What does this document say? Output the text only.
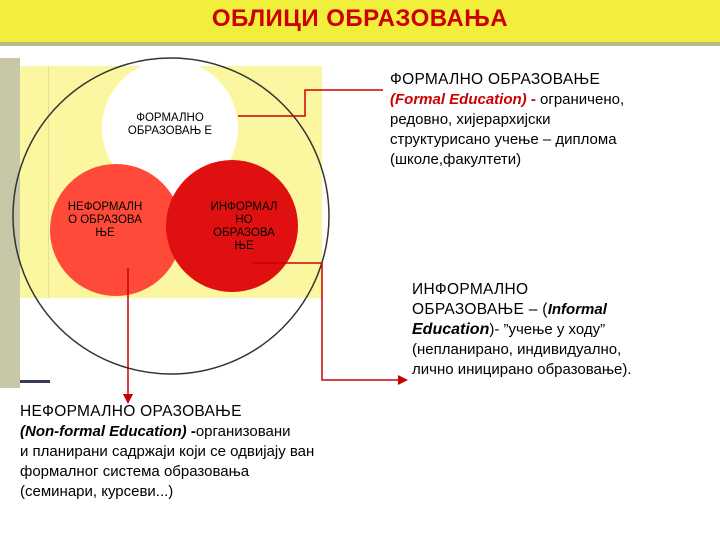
ОБЛИЦИ ОБРАЗОВАЊА
ФОРМАЛНО ОБРАЗОВАЊ Е
НЕФОРМАЛН О ОБРАЗОВА ЊЕ
ИНФОРМАЛ НО ОБРАЗОВА ЊЕ
ФОРМАЛНО ОБРАЗОВАЊЕ
(Formal Education) - ограничено,
редовно, хијерархијски
структурисано учење – диплома
(школе,факултети)
ИНФОРМАЛНО
ОБРАЗОВАЊЕ – (Informal
Education)- ”учење у ходу”
(непланирано, индивидуално,
лично иницирано образовање).
НЕФОРМАЛНО ОРАЗОВАЊЕ
(Non-formal Education) -организовани
и планирани садржаји који се одвијају ван
формалног система образовања
(семинари, курсеви...)
